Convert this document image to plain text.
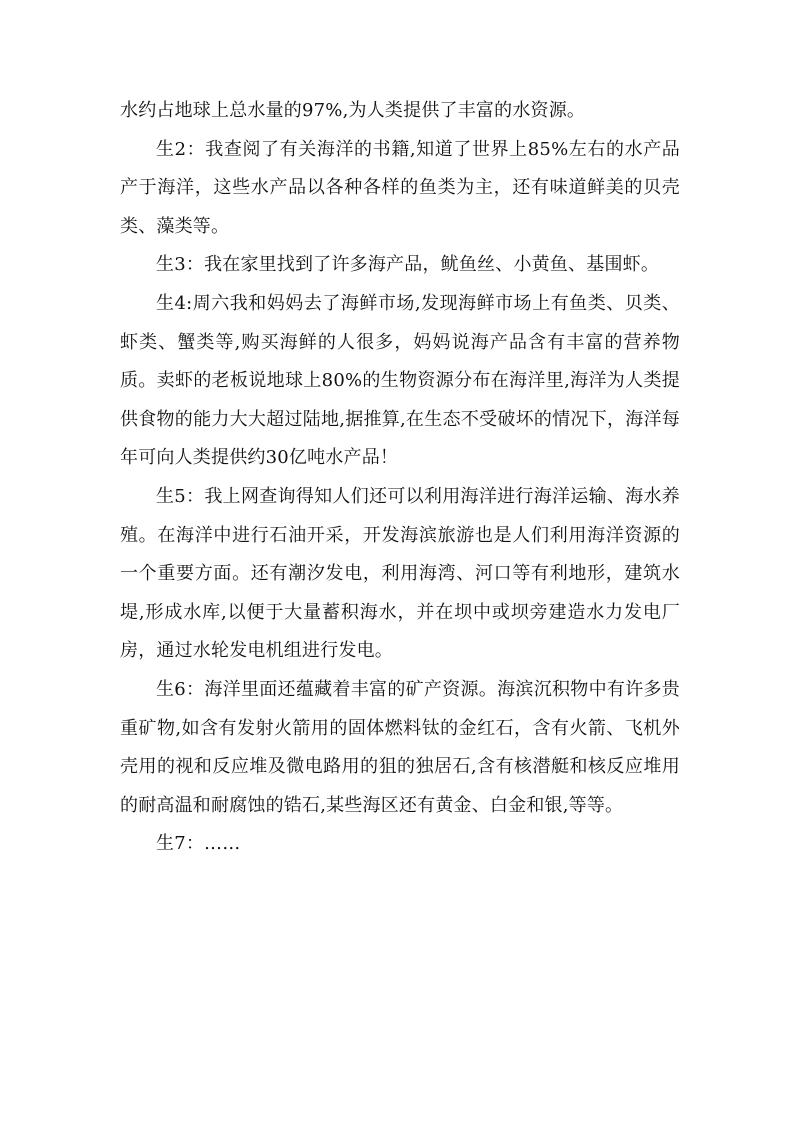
水约占地球上总水量的97%,为人类提供了丰富的水资源。

生2：我查阅了有关海洋的书籍,知道了世界上85%左右的水产品产于海洋，这些水产品以各种各样的鱼类为主，还有味道鲜美的贝壳类、藻类等。

生3：我在家里找到了许多海产品，鱿鱼丝、小黄鱼、基围虾。

生4:周六我和妈妈去了海鲜市场,发现海鲜市场上有鱼类、贝类、虾类、蟹类等,购买海鲜的人很多，妈妈说海产品含有丰富的营养物质。卖虾的老板说地球上80%的生物资源分布在海洋里,海洋为人类提供食物的能力大大超过陆地,据推算,在生态不受破坏的情况下，海洋每年可向人类提供约30亿吨水产品！

生5：我上网查询得知人们还可以利用海洋进行海洋运输、海水养殖。在海洋中进行石油开采，开发海滨旅游也是人们利用海洋资源的一个重要方面。还有潮汐发电，利用海湾、河口等有利地形，建筑水堤,形成水库,以便于大量蓄积海水，并在坝中或坝旁建造水力发电厂房，通过水轮发电机组进行发电。

生6：海洋里面还蕴藏着丰富的矿产资源。海滨沉积物中有许多贵重矿物,如含有发射火箭用的固体燃料钛的金红石，含有火箭、飞机外壳用的视和反应堆及微电路用的狙的独居石,含有核潜艇和核反应堆用的耐高温和耐腐蚀的锆石,某些海区还有黄金、白金和银,等等。

生7：……
